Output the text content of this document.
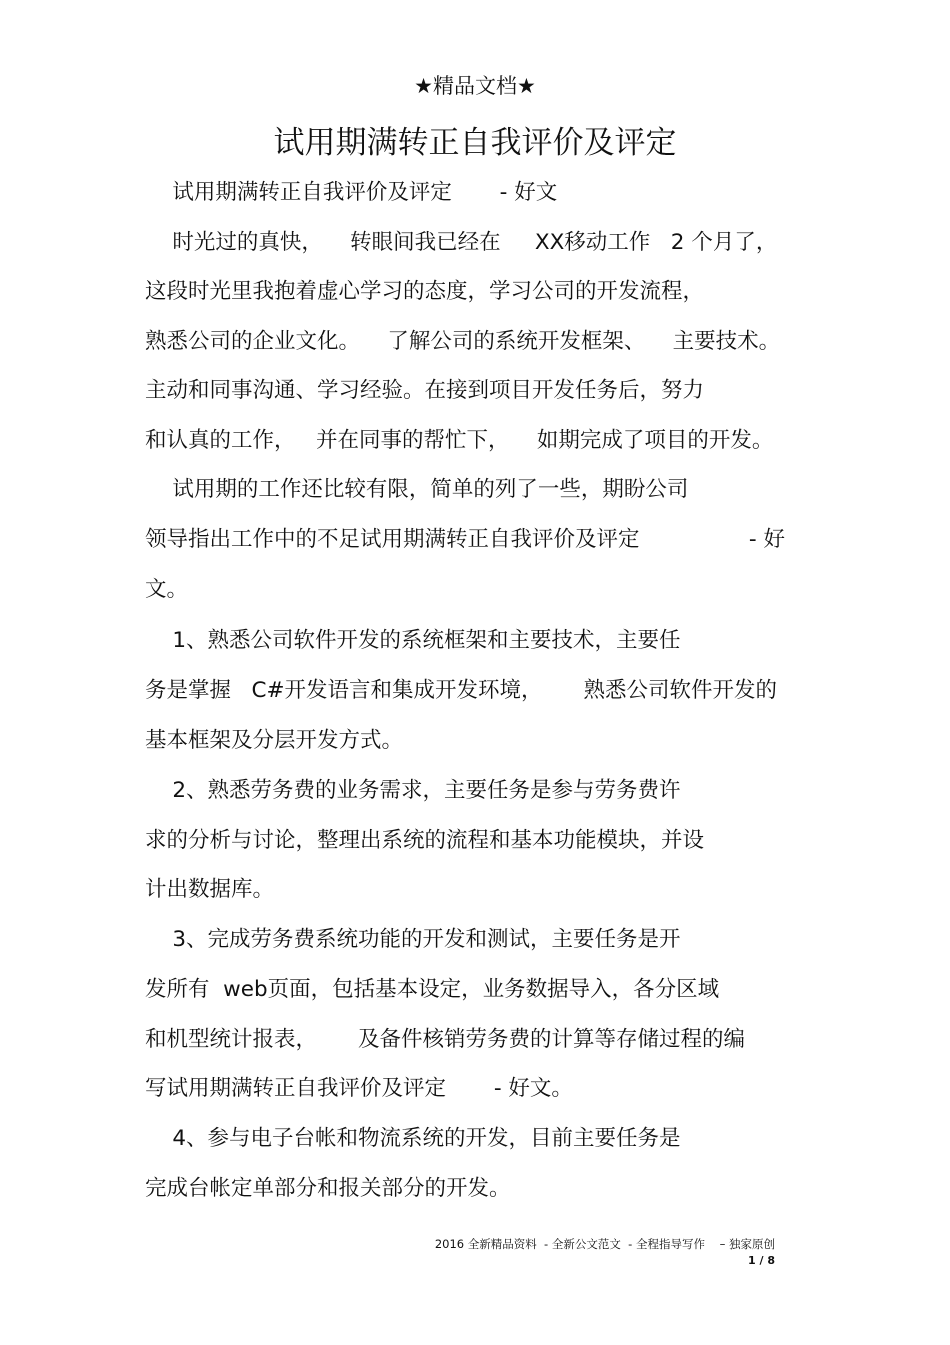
★精品文档★
试用期满转正自我评价及评定
试用期满转正自我评价及评定       - 好文
时光过的真快，    转眼间我已经在     XX移动工作   2 个月了，
这段时光里我抱着虚心学习的态度，学习公司的开发流程，
熟悉公司的企业文化。    了解公司的系统开发框架、    主要技术。
主动和同事沟通、学习经验。在接到项目开发任务后，努力
和认真的工作，   并在同事的帮忙下，    如期完成了项目的开发。
试用期的工作还比较有限，简单的列了一些，期盼公司
领导指出工作中的不足试用期满转正自我评价及评定                - 好
文。
1、熟悉公司软件开发的系统框架和主要技术，主要任
务是掌握   C#开发语言和集成开发环境，      熟悉公司软件开发的
基本框架及分层开发方式。
2、熟悉劳务费的业务需求，主要任务是参与劳务费许
求的分析与讨论，整理出系统的流程和基本功能模块，并设
计出数据库。
3、完成劳务费系统功能的开发和测试，主要任务是开
发所有  web页面，包括基本设定，业务数据导入，各分区域
和机型统计报表，      及备件核销劳务费的计算等存储过程的编
写试用期满转正自我评价及评定       - 好文。
4、参与电子台帐和物流系统的开发，目前主要任务是
完成台帐定单部分和报关部分的开发。
2016 全新精品资料  - 全新公文范文  - 全程指导写作    – 独家原创
1 / 8
